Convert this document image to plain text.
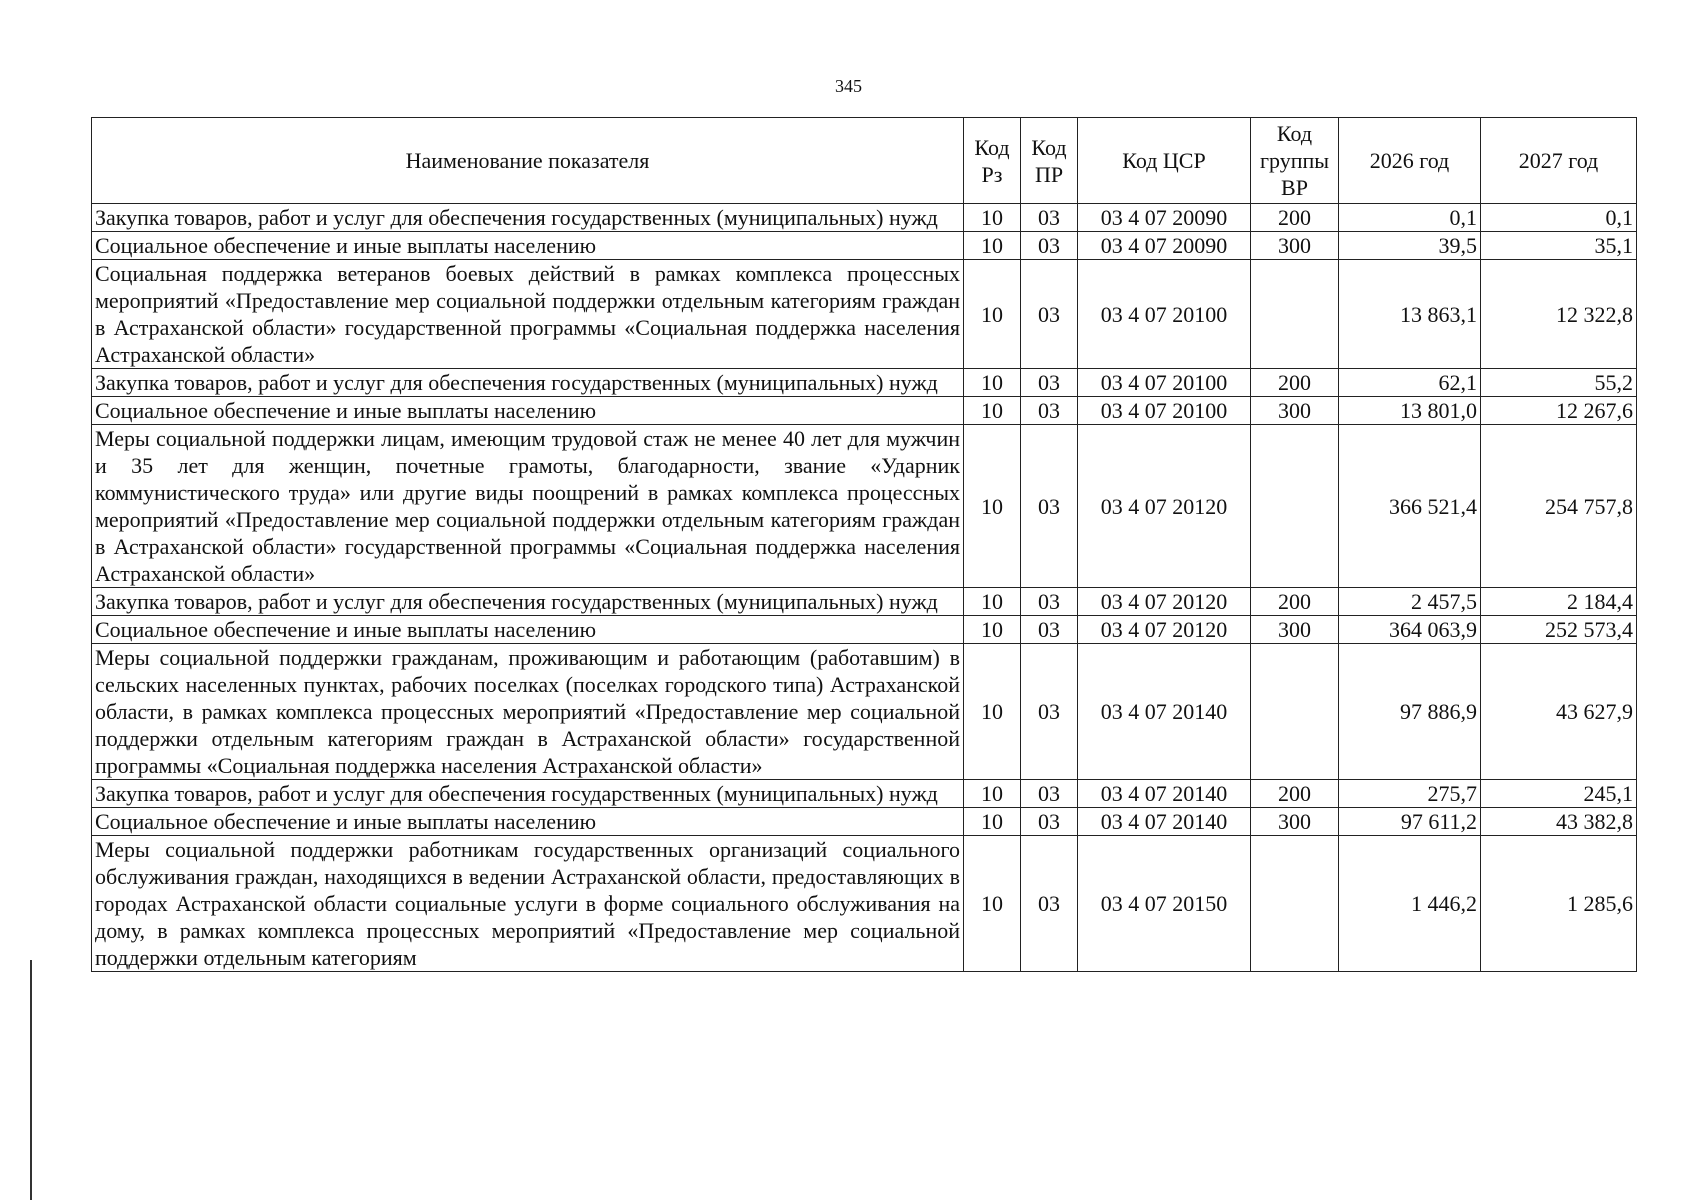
345
Наименование показателя	Код Рз	Код ПР	Код ЦСР	Код группы ВР	2026 год	2027 год
Закупка товаров, работ и услуг для обеспечения государственных (муниципальных) нужд	10	03	03 4 07 20090	200	0,1	0,1
Социальное обеспечение и иные выплаты населению	10	03	03 4 07 20090	300	39,5	35,1
Социальная поддержка ветеранов боевых действий в рамках комплекса процессных мероприятий «Предоставление мер социальной поддержки отдельным категориям граждан в Астраханской области» государственной программы «Социальная поддержка населения Астраханской области»	10	03	03 4 07 20100		13 863,1	12 322,8
Закупка товаров, работ и услуг для обеспечения государственных (муниципальных) нужд	10	03	03 4 07 20100	200	62,1	55,2
Социальное обеспечение и иные выплаты населению	10	03	03 4 07 20100	300	13 801,0	12 267,6
Меры социальной поддержки лицам, имеющим трудовой стаж не менее 40 лет для мужчин и 35 лет для женщин, почетные грамоты, благодарности, звание «Ударник коммунистического труда» или другие виды поощрений в рамках комплекса процессных мероприятий «Предоставление мер социальной поддержки отдельным категориям граждан в Астраханской области» государственной программы «Социальная поддержка населения Астраханской области»	10	03	03 4 07 20120		366 521,4	254 757,8
Закупка товаров, работ и услуг для обеспечения государственных (муниципальных) нужд	10	03	03 4 07 20120	200	2 457,5	2 184,4
Социальное обеспечение и иные выплаты населению	10	03	03 4 07 20120	300	364 063,9	252 573,4
Меры социальной поддержки гражданам, проживающим и работающим (работавшим) в сельских населенных пунктах, рабочих поселках (поселках городского типа) Астраханской области, в рамках комплекса процессных мероприятий «Предоставление мер социальной поддержки отдельным категориям граждан в Астраханской области» государственной программы «Социальная поддержка населения Астраханской области»	10	03	03 4 07 20140		97 886,9	43 627,9
Закупка товаров, работ и услуг для обеспечения государственных (муниципальных) нужд	10	03	03 4 07 20140	200	275,7	245,1
Социальное обеспечение и иные выплаты населению	10	03	03 4 07 20140	300	97 611,2	43 382,8
Меры социальной поддержки работникам государственных организаций социального обслуживания граждан, находящихся в ведении Астраханской области, предоставляющих в городах Астраханской области социальные услуги в форме социального обслуживания на дому, в рамках комплекса процессных мероприятий «Предоставление мер социальной поддержки отдельным категориям	10	03	03 4 07 20150		1 446,2	1 285,6
